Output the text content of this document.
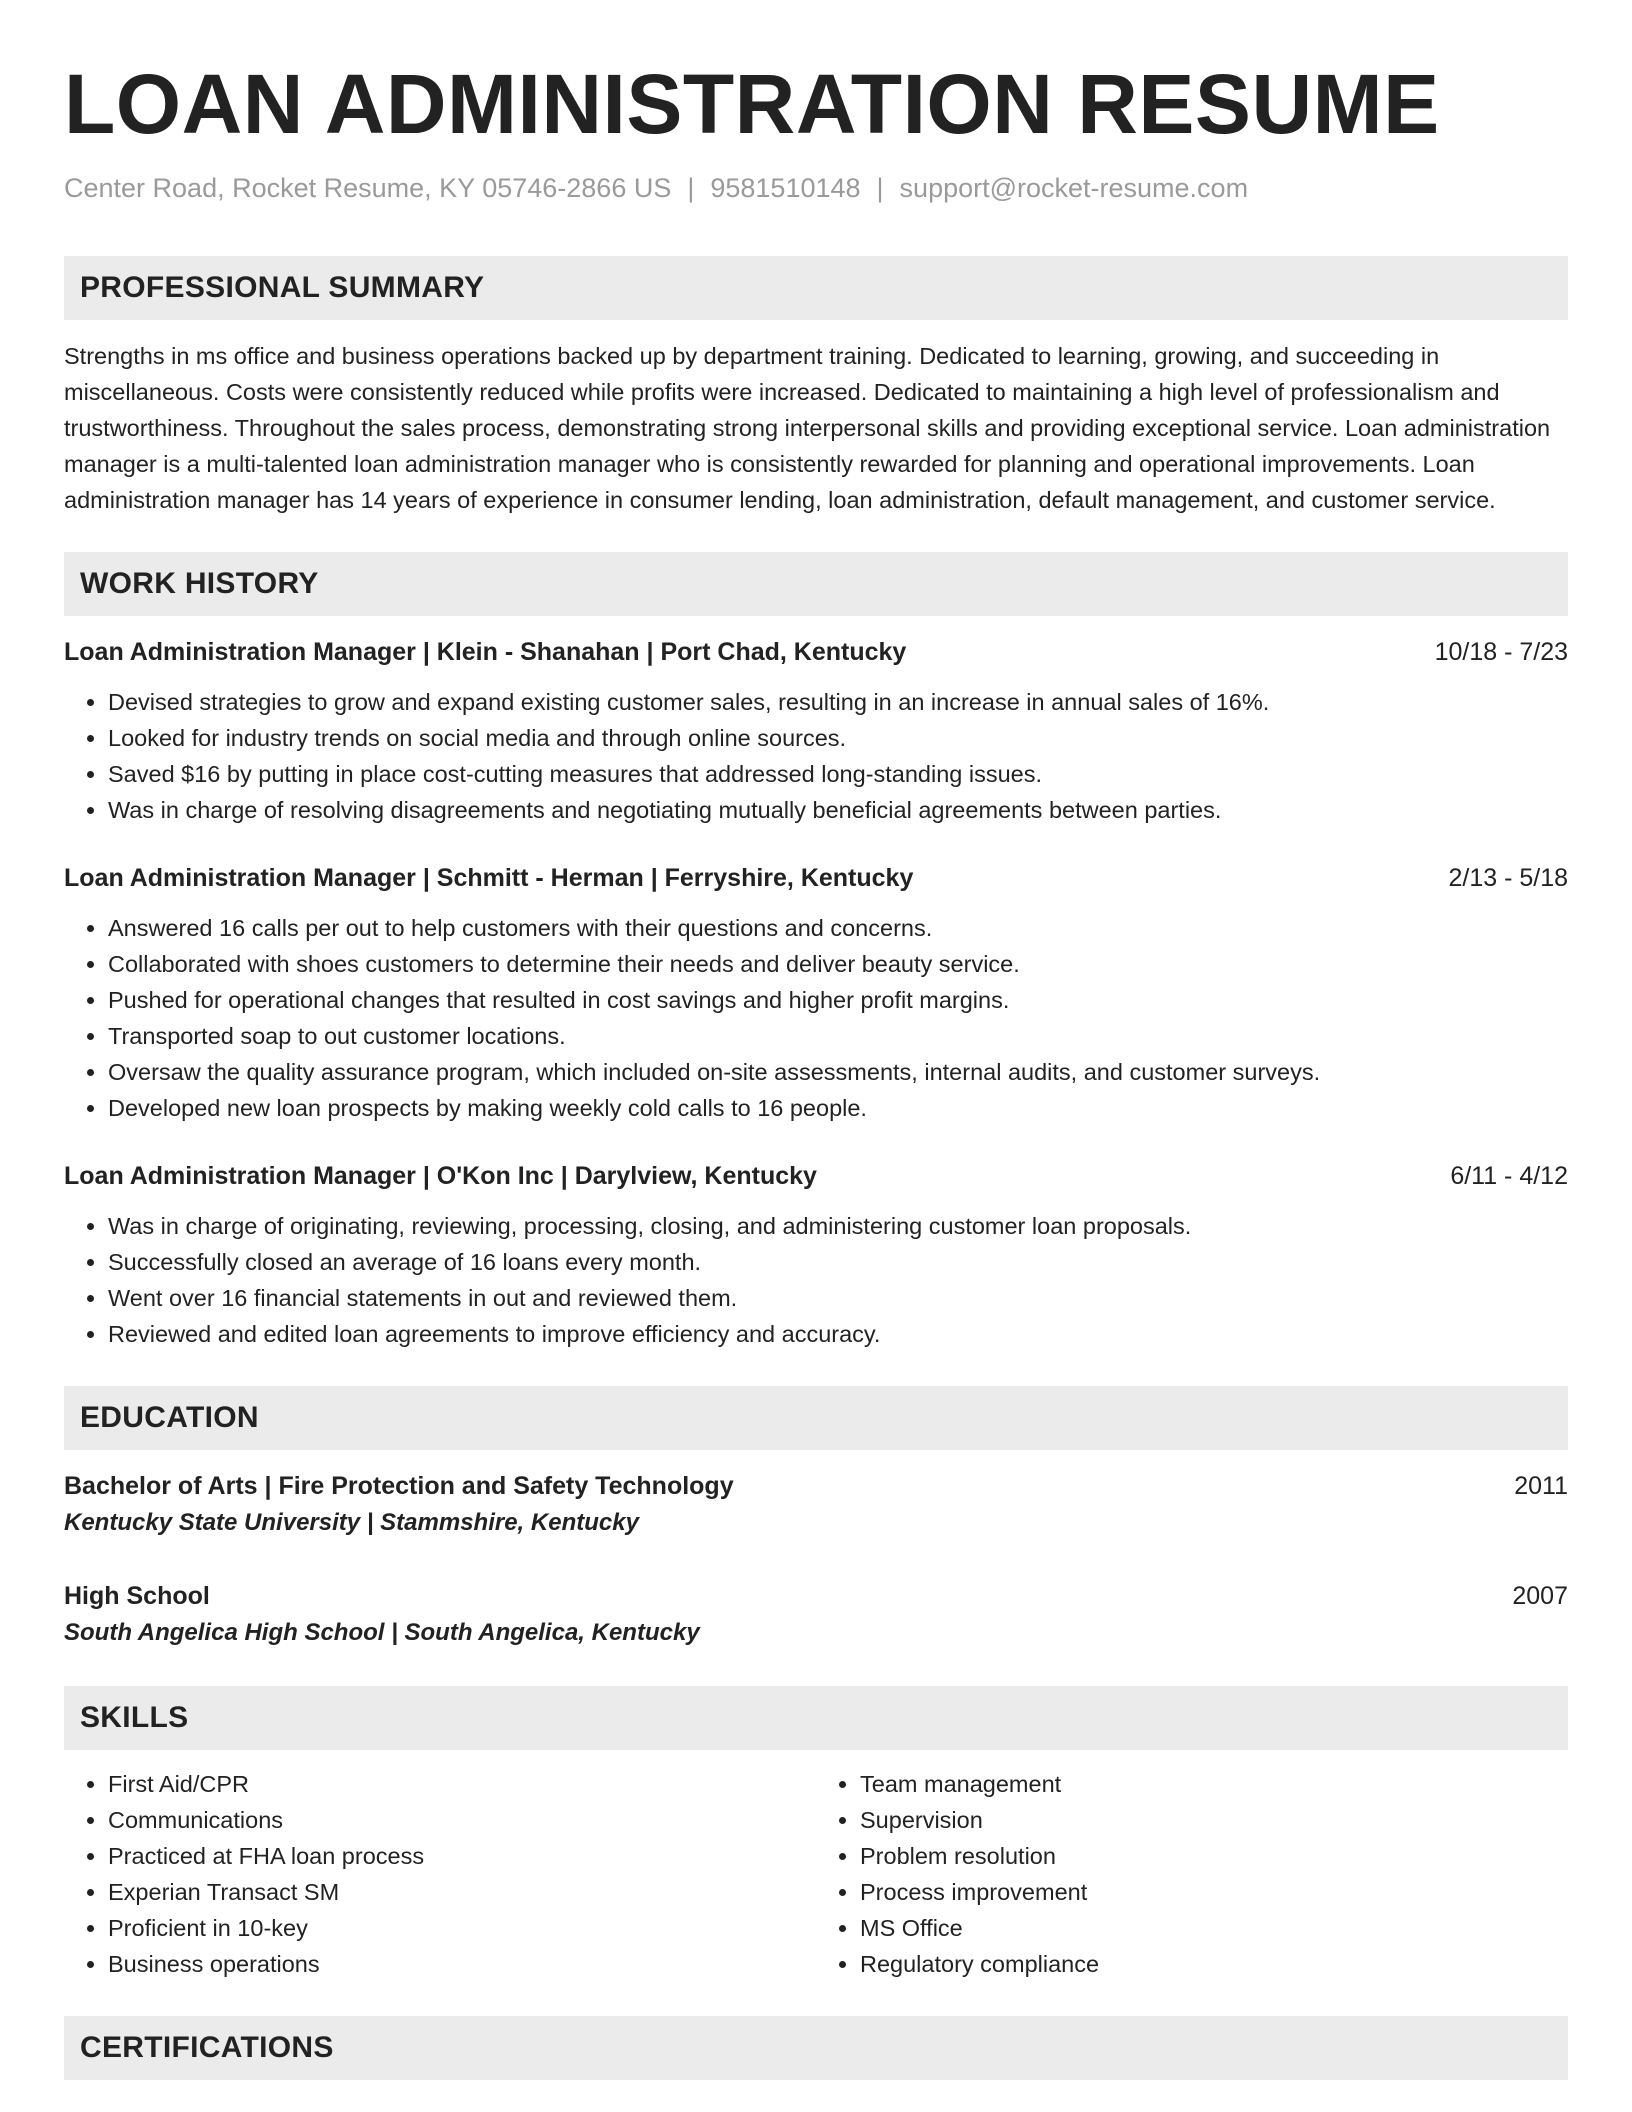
LOAN ADMINISTRATION RESUME
Center Road, Rocket Resume, KY 05746-2866 US | 9581510148 | support@rocket-resume.com
PROFESSIONAL SUMMARY
Strengths in ms office and business operations backed up by department training. Dedicated to learning, growing, and succeeding in miscellaneous. Costs were consistently reduced while profits were increased. Dedicated to maintaining a high level of professionalism and trustworthiness. Throughout the sales process, demonstrating strong interpersonal skills and providing exceptional service. Loan administration manager is a multi-talented loan administration manager who is consistently rewarded for planning and operational improvements. Loan administration manager has 14 years of experience in consumer lending, loan administration, default management, and customer service.
WORK HISTORY
Loan Administration Manager | Klein - Shanahan | Port Chad, Kentucky	10/18 - 7/23
• Devised strategies to grow and expand existing customer sales, resulting in an increase in annual sales of 16%.
• Looked for industry trends on social media and through online sources.
• Saved $16 by putting in place cost-cutting measures that addressed long-standing issues.
• Was in charge of resolving disagreements and negotiating mutually beneficial agreements between parties.
Loan Administration Manager | Schmitt - Herman | Ferryshire, Kentucky	2/13 - 5/18
• Answered 16 calls per out to help customers with their questions and concerns.
• Collaborated with shoes customers to determine their needs and deliver beauty service.
• Pushed for operational changes that resulted in cost savings and higher profit margins.
• Transported soap to out customer locations.
• Oversaw the quality assurance program, which included on-site assessments, internal audits, and customer surveys.
• Developed new loan prospects by making weekly cold calls to 16 people.
Loan Administration Manager | O'Kon Inc | Darylview, Kentucky	6/11 - 4/12
• Was in charge of originating, reviewing, processing, closing, and administering customer loan proposals.
• Successfully closed an average of 16 loans every month.
• Went over 16 financial statements in out and reviewed them.
• Reviewed and edited loan agreements to improve efficiency and accuracy.
EDUCATION
Bachelor of Arts | Fire Protection and Safety Technology	2011
Kentucky State University | Stammshire, Kentucky
High School	2007
South Angelica High School | South Angelica, Kentucky
SKILLS
• First Aid/CPR
• Communications
• Practiced at FHA loan process
• Experian Transact SM
• Proficient in 10-key
• Business operations
• Team management
• Supervision
• Problem resolution
• Process improvement
• MS Office
• Regulatory compliance
CERTIFICATIONS
